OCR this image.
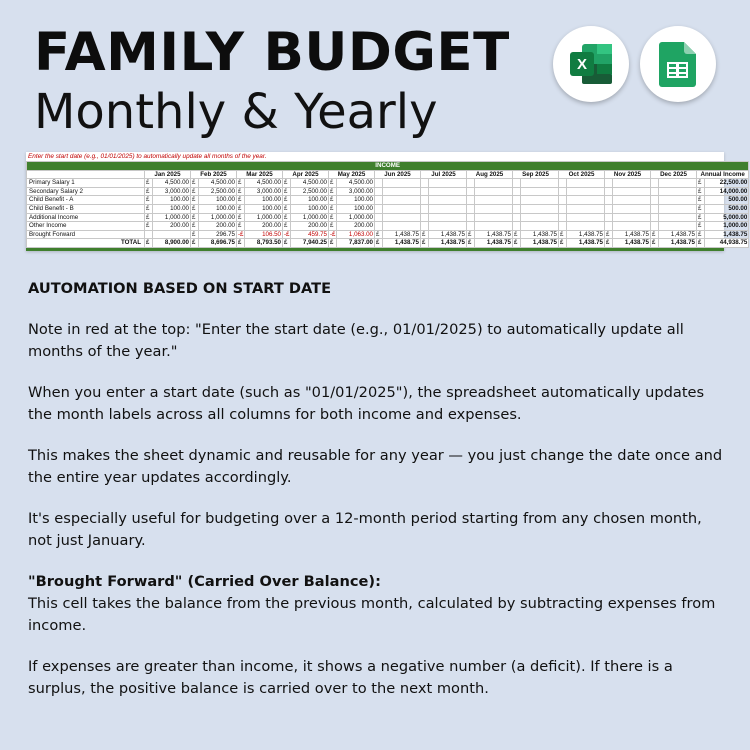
FAMILY BUDGET
Monthly & Yearly
X
Enter the start date (e.g., 01/01/2025) to automatically update all months of the year.
INCOME																										
	Jan 2025		Feb 2025		Mar 2025		Apr 2025		May 2025		Jun 2025		Jul 2025		Aug 2025		Sep 2025		Oct 2025		Nov 2025		Dec 2025		Annual Income	
Primary Salary 1	£	4,500.00	£	4,500.00	£	4,500.00	£	4,500.00	£	4,500.00															£	22,500.00
Secondary Salary 2	£	3,000.00	£	2,500.00	£	3,000.00	£	2,500.00	£	3,000.00															£	14,000.00
Child Benefit - A	£	100.00	£	100.00	£	100.00	£	100.00	£	100.00															£	500.00
Child Benefit - B	£	100.00	£	100.00	£	100.00	£	100.00	£	100.00															£	500.00
Additional Income	£	1,000.00	£	1,000.00	£	1,000.00	£	1,000.00	£	1,000.00															£	5,000.00
Other Income	£	200.00	£	200.00	£	200.00	£	200.00	£	200.00															£	1,000.00
Brought Forward			£	296.75	-£	106.50	-£	459.75	-£	1,063.00	£	1,438.75	£	1,438.75	£	1,438.75	£	1,438.75	£	1,438.75	£	1,438.75	£	1,438.75	£	1,438.75
TOTAL	£	8,900.00	£	8,696.75	£	8,793.50	£	7,940.25	£	7,837.00	£	1,438.75	£	1,438.75	£	1,438.75	£	1,438.75	£	1,438.75	£	1,438.75	£	1,438.75	£	44,938.75
AUTOMATION BASED ON START DATE
Note in red at the top: "Enter the start date (e.g., 01/01/2025) to automatically update all months of the year."
When you enter a start date (such as "01/01/2025"), the spreadsheet automatically updates the month labels across all columns for both income and expenses.
This makes the sheet dynamic and reusable for any year — you just change the date once and the entire year updates accordingly.
It's especially useful for budgeting over a 12-month period starting from any chosen month, not just January.
"Brought Forward" (Carried Over Balance):
This cell takes the balance from the previous month, calculated by subtracting expenses from income.
If expenses are greater than income, it shows a negative number (a deficit). If there is a surplus, the positive balance is carried over to the next month.
